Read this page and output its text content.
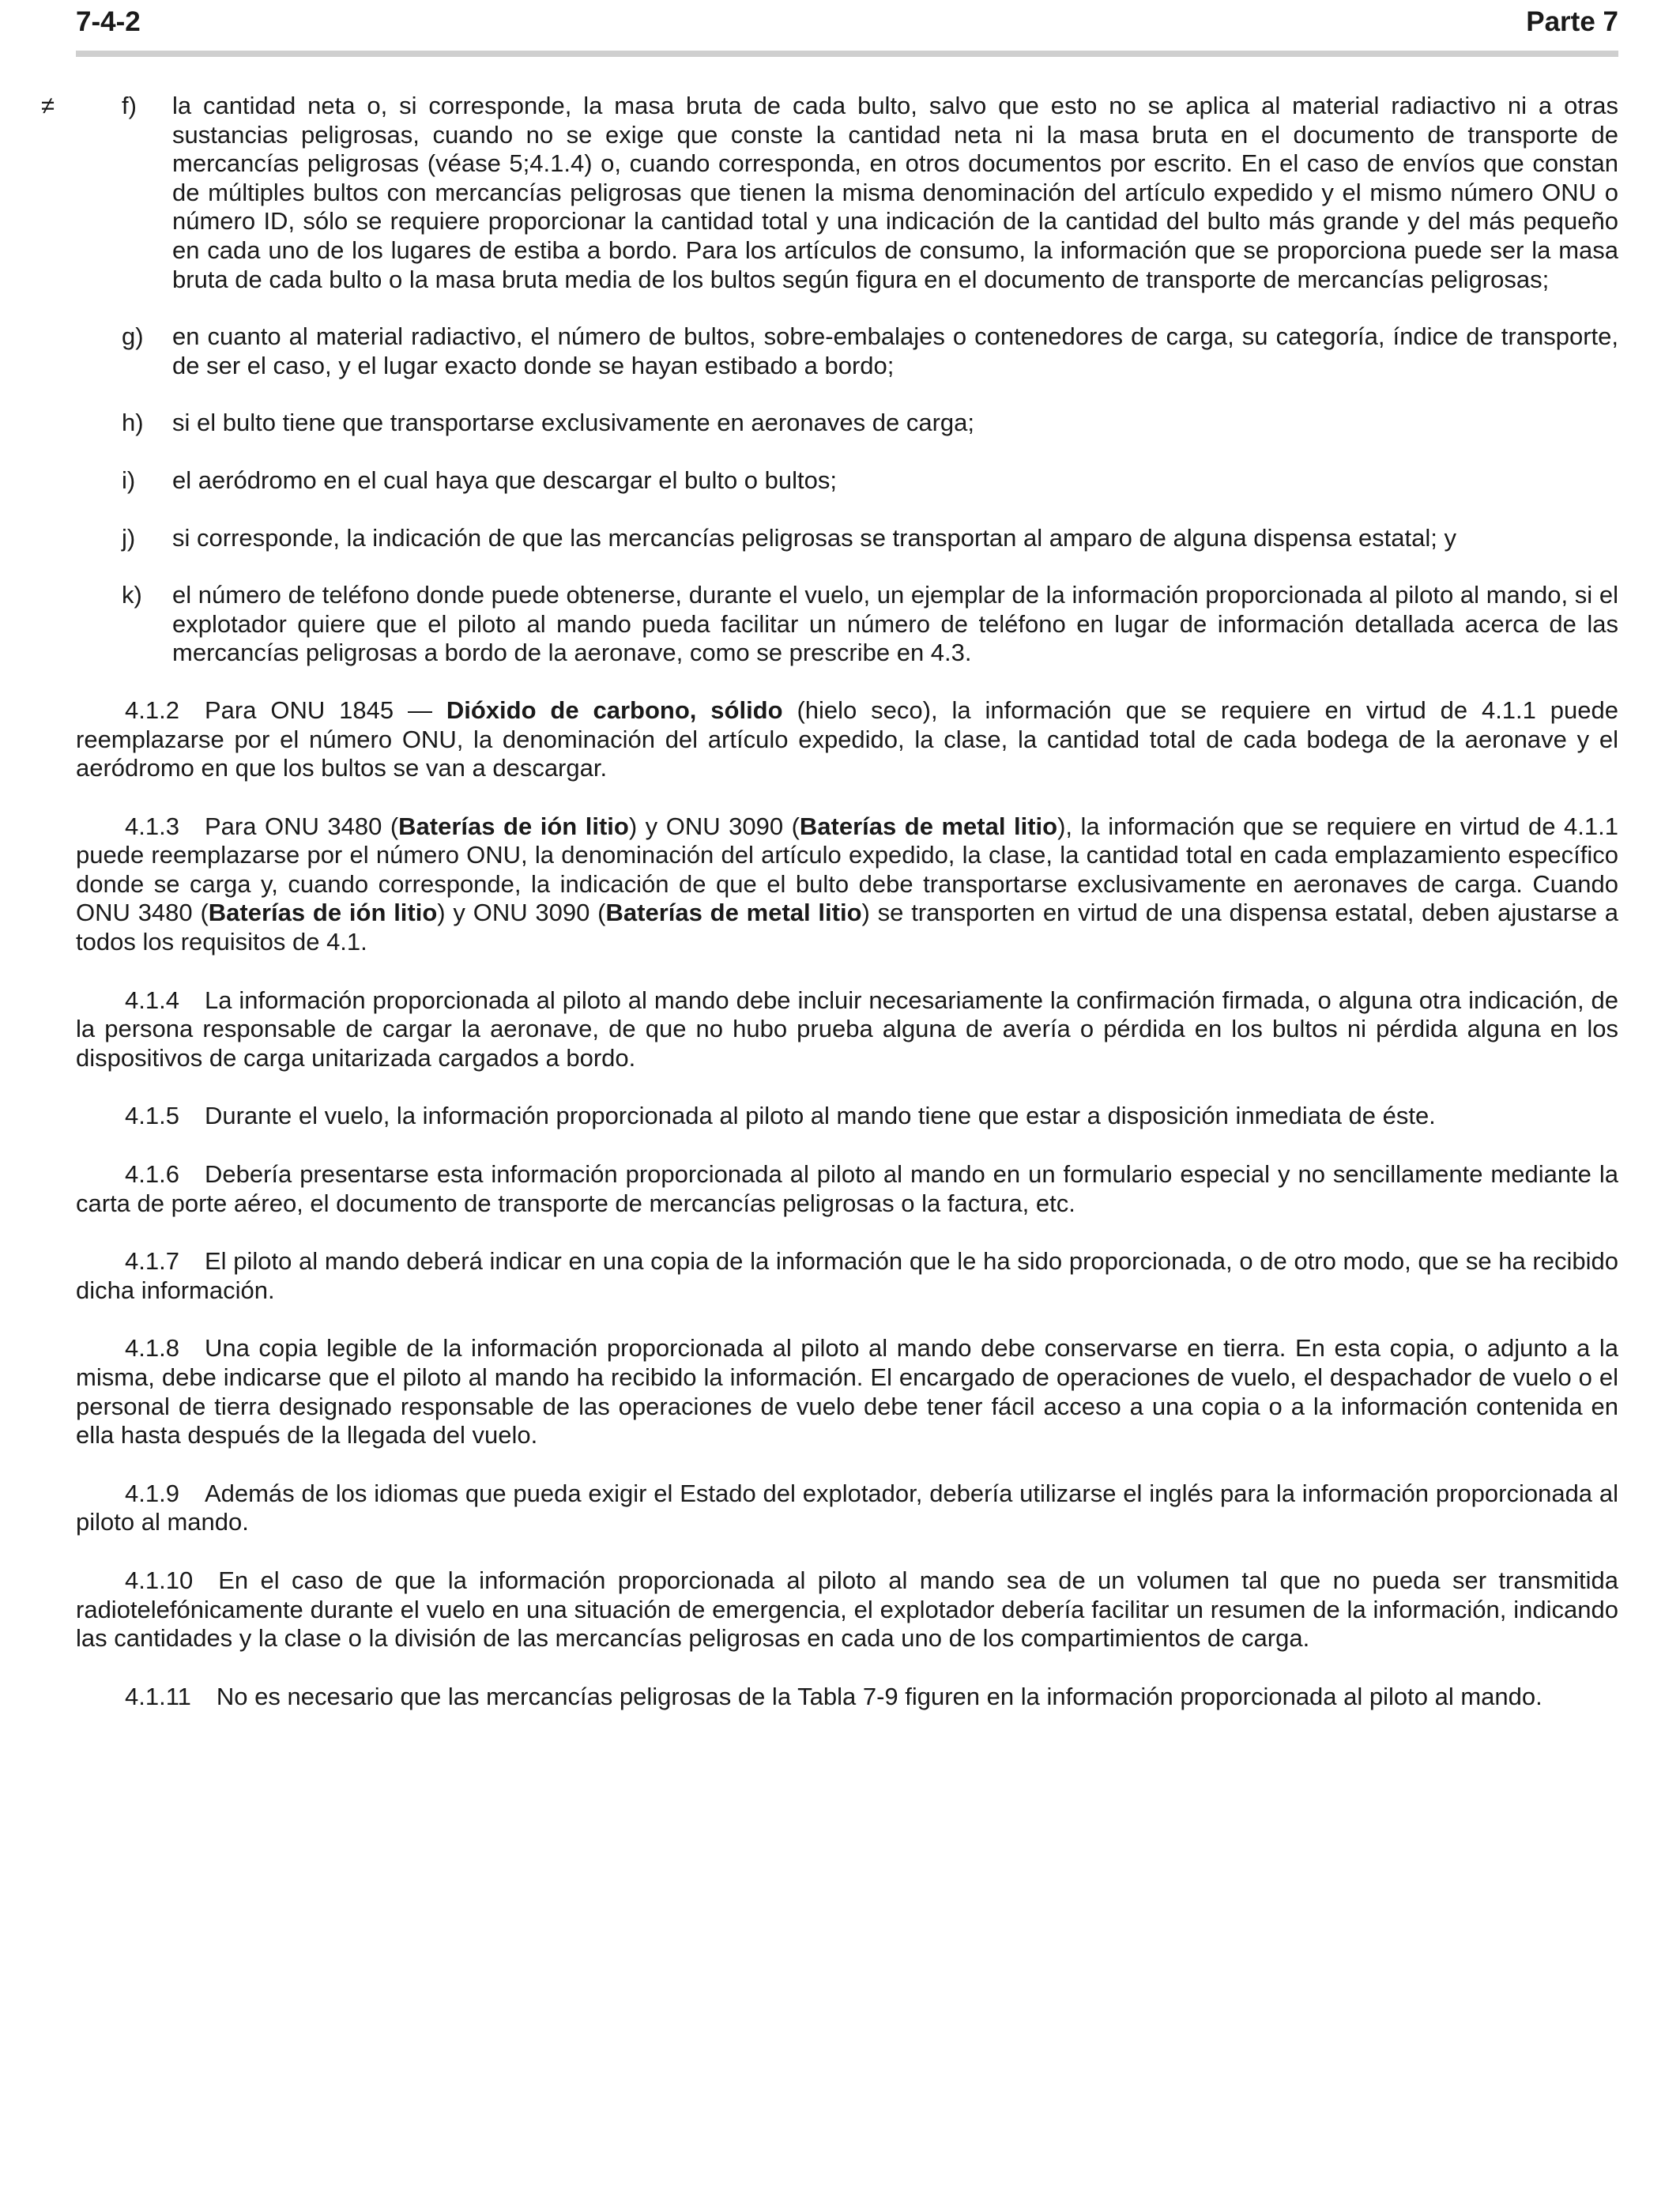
7-4-2	Parte 7
≠	f) la cantidad neta o, si corresponde, la masa bruta de cada bulto, salvo que esto no se aplica al material radiactivo ni a otras sustancias peligrosas, cuando no se exige que conste la cantidad neta ni la masa bruta en el documento de transporte de mercancías peligrosas (véase 5;4.1.4) o, cuando corresponda, en otros documentos por escrito. En el caso de envíos que constan de múltiples bultos con mercancías peligrosas que tienen la misma denominación del artículo expedido y el mismo número ONU o número ID, sólo se requiere proporcionar la cantidad total y una indicación de la cantidad del bulto más grande y del más pequeño en cada uno de los lugares de estiba a bordo. Para los artículos de consumo, la información que se proporciona puede ser la masa bruta de cada bulto o la masa bruta media de los bultos según figura en el documento de transporte de mercancías peligrosas;

g) en cuanto al material radiactivo, el número de bultos, sobre-embalajes o contenedores de carga, su categoría, índice de transporte, de ser el caso, y el lugar exacto donde se hayan estibado a bordo;

h) si el bulto tiene que transportarse exclusivamente en aeronaves de carga;

i) el aeródromo en el cual haya que descargar el bulto o bultos;

j) si corresponde, la indicación de que las mercancías peligrosas se transportan al amparo de alguna dispensa estatal; y

k) el número de teléfono donde puede obtenerse, durante el vuelo, un ejemplar de la información proporcionada al piloto al mando, si el explotador quiere que el piloto al mando pueda facilitar un número de teléfono en lugar de información detallada acerca de las mercancías peligrosas a bordo de la aeronave, como se prescribe en 4.3.

4.1.2 Para ONU 1845 — Dióxido de carbono, sólido (hielo seco), la información que se requiere en virtud de 4.1.1 puede reemplazarse por el número ONU, la denominación del artículo expedido, la clase, la cantidad total de cada bodega de la aeronave y el aeródromo en que los bultos se van a descargar.

4.1.3 Para ONU 3480 (Baterías de ión litio) y ONU 3090 (Baterías de metal litio), la información que se requiere en virtud de 4.1.1 puede reemplazarse por el número ONU, la denominación del artículo expedido, la clase, la cantidad total en cada emplazamiento específico donde se carga y, cuando corresponde, la indicación de que el bulto debe transportarse exclusivamente en aeronaves de carga. Cuando ONU 3480 (Baterías de ión litio) y ONU 3090 (Baterías de metal litio) se transporten en virtud de una dispensa estatal, deben ajustarse a todos los requisitos de 4.1.

4.1.4 La información proporcionada al piloto al mando debe incluir necesariamente la confirmación firmada, o alguna otra indicación, de la persona responsable de cargar la aeronave, de que no hubo prueba alguna de avería o pérdida en los bultos ni pérdida alguna en los dispositivos de carga unitarizada cargados a bordo.

4.1.5 Durante el vuelo, la información proporcionada al piloto al mando tiene que estar a disposición inmediata de éste.

4.1.6 Debería presentarse esta información proporcionada al piloto al mando en un formulario especial y no sencillamente mediante la carta de porte aéreo, el documento de transporte de mercancías peligrosas o la factura, etc.

4.1.7 El piloto al mando deberá indicar en una copia de la información que le ha sido proporcionada, o de otro modo, que se ha recibido dicha información.

4.1.8 Una copia legible de la información proporcionada al piloto al mando debe conservarse en tierra. En esta copia, o adjunto a la misma, debe indicarse que el piloto al mando ha recibido la información. El encargado de operaciones de vuelo, el despachador de vuelo o el personal de tierra designado responsable de las operaciones de vuelo debe tener fácil acceso a una copia o a la información contenida en ella hasta después de la llegada del vuelo.

4.1.9 Además de los idiomas que pueda exigir el Estado del explotador, debería utilizarse el inglés para la información proporcionada al piloto al mando.

4.1.10 En el caso de que la información proporcionada al piloto al mando sea de un volumen tal que no pueda ser transmitida radiotelefónicamente durante el vuelo en una situación de emergencia, el explotador debería facilitar un resumen de la información, indicando las cantidades y la clase o la división de las mercancías peligrosas en cada uno de los compartimientos de carga.

4.1.11 No es necesario que las mercancías peligrosas de la Tabla 7-9 figuren en la información proporcionada al piloto al mando.
